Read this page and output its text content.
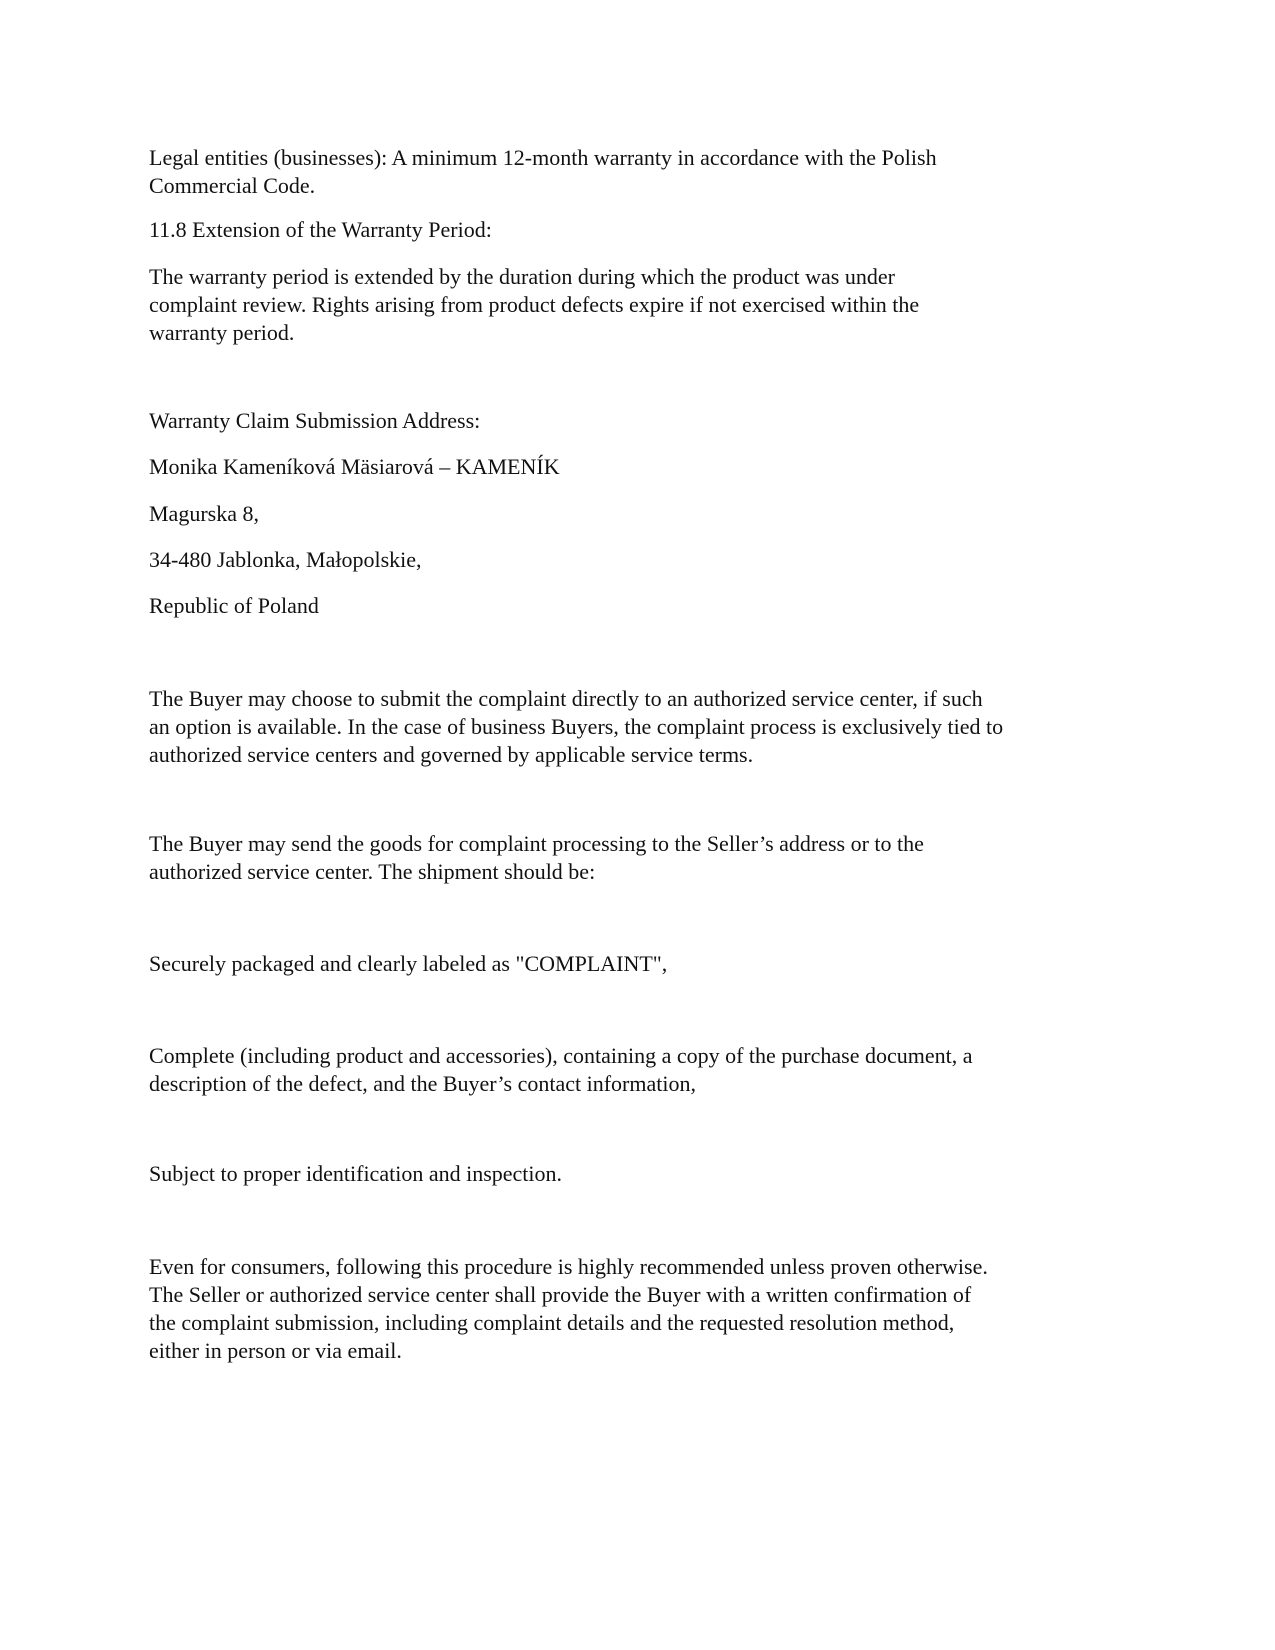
Legal entities (businesses): A minimum 12-month warranty in accordance with the Polish
Commercial Code.

11.8 Extension of the Warranty Period:

The warranty period is extended by the duration during which the product was under
complaint review. Rights arising from product defects expire if not exercised within the
warranty period.

Warranty Claim Submission Address:

Monika Kameníková Mäsiarová – KAMENÍK

Magurska 8,

34-480 Jablonka, Małopolskie,

Republic of Poland

The Buyer may choose to submit the complaint directly to an authorized service center, if such
an option is available. In the case of business Buyers, the complaint process is exclusively tied to
authorized service centers and governed by applicable service terms.

The Buyer may send the goods for complaint processing to the Seller’s address or to the
authorized service center. The shipment should be:

Securely packaged and clearly labeled as "COMPLAINT",

Complete (including product and accessories), containing a copy of the purchase document, a
description of the defect, and the Buyer’s contact information,

Subject to proper identification and inspection.

Even for consumers, following this procedure is highly recommended unless proven otherwise.
The Seller or authorized service center shall provide the Buyer with a written confirmation of
the complaint submission, including complaint details and the requested resolution method,
either in person or via email.
